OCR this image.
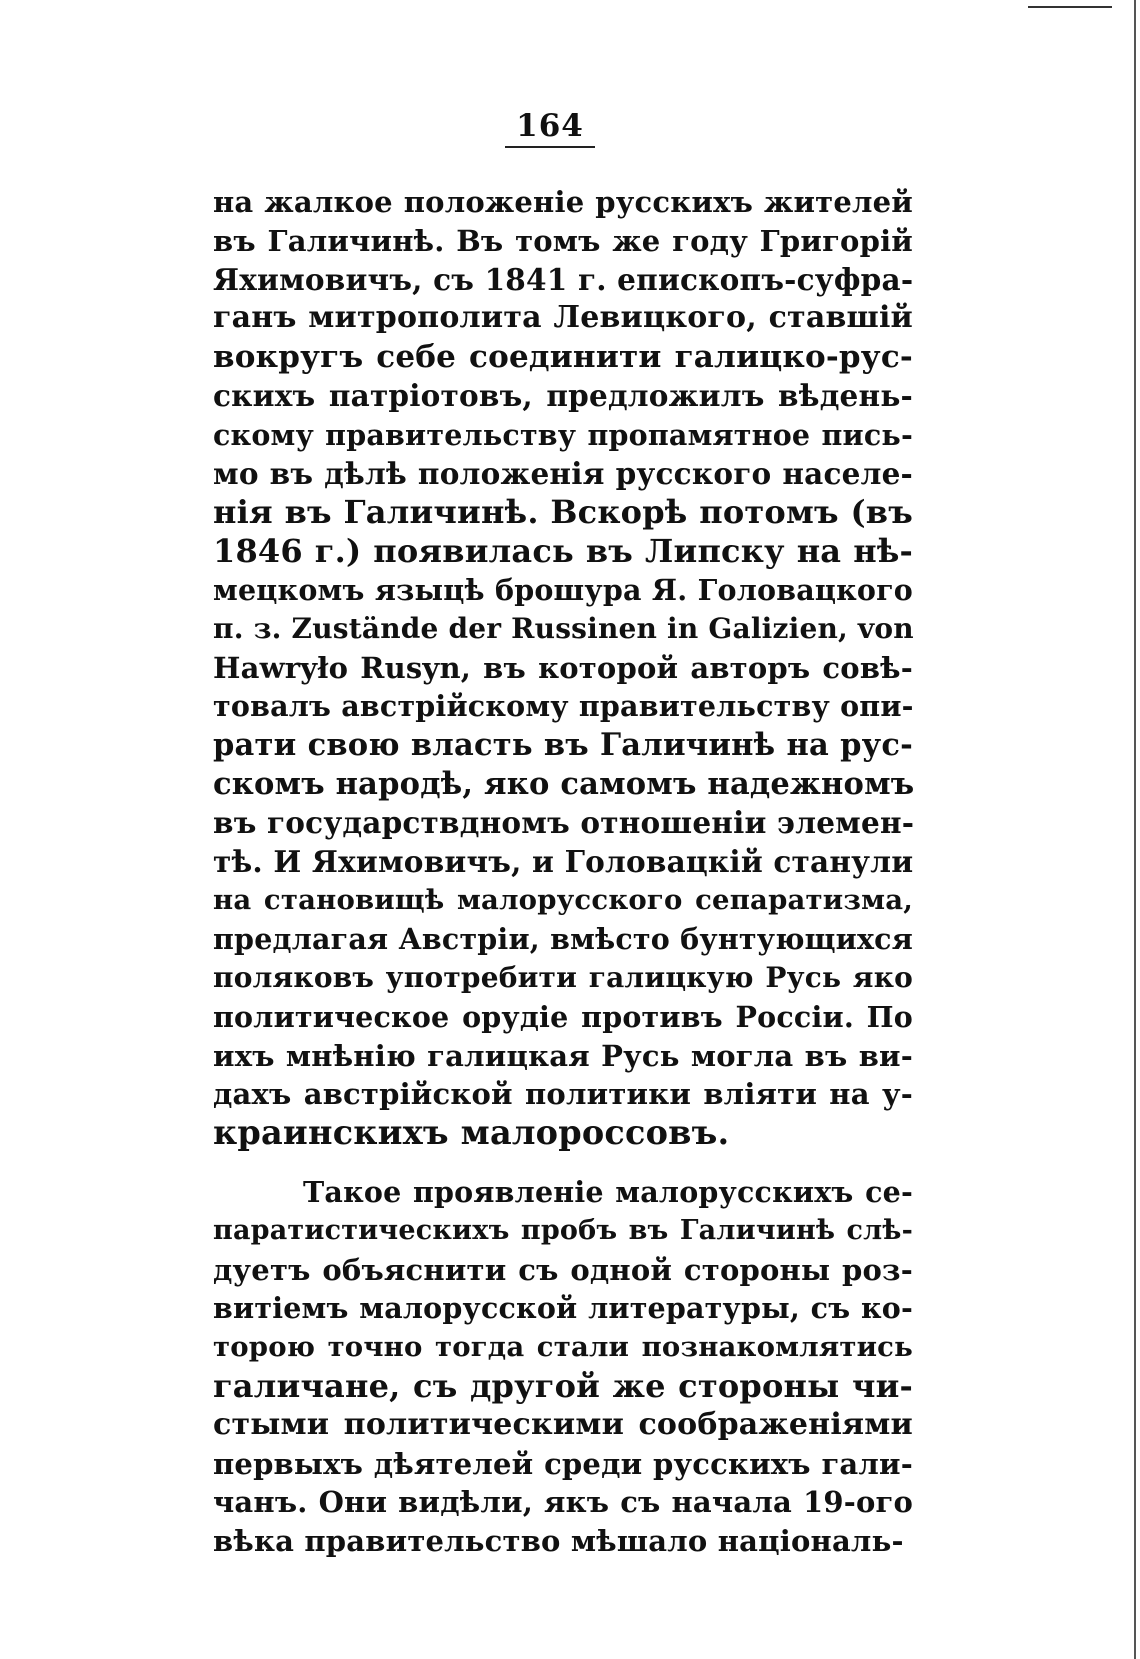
164
на жалкое положеніе русскихъ жителей
въ Галичинѣ. Въ томъ же году Григорій
Яхимовичъ, съ 1841 г. епископъ-суфра-
ганъ митрополита Левицкого, ставшій
вокругъ себе соединити галицко-рус-
скихъ патріотовъ, предложилъ вѣдень-
скому правительству пропамятное пись-
мо въ дѣлѣ положенія русского населе-
нія въ Галичинѣ. Вскорѣ потомъ (въ
1846 г.) появилась въ Липску на нѣ-
мецкомъ языцѣ брошура Я. Головацкого
п. з. Zustände der Russinen in Galizien, von
Hawryło Rusyn, въ которой авторъ совѣ-
товалъ австрійскому правительству опи-
рати свою власть въ Галичинѣ на рус-
скомъ народѣ, яко самомъ надежномъ
въ государствдномъ отношеніи элемен-
тѣ. И Яхимовичъ, и Головацкій станули
на становищѣ малорусского сепаратизма,
предлагая Австріи, вмѣсто бунтующихся
поляковъ употребити галицкую Русь яко
политическое орудіе противъ Россіи. По
ихъ мнѣнію галицкая Русь могла въ ви-
дахъ австрійской политики вліяти на у-
краинскихъ малороссовъ.
Такое проявленіе малорусскихъ се-
паратистическихъ пробъ въ Галичинѣ слѣ-
дуетъ объяснити съ одной стороны роз-
витіемъ малорусской литературы, съ ко-
торою точно тогда стали познакомлятись
галичане, съ другой же стороны чи-
стыми политическими соображеніями
первыхъ дѣятелей среди русскихъ гали-
чанъ. Они видѣли, якъ съ начала 19-ого
вѣка правительство мѣшало національ-
